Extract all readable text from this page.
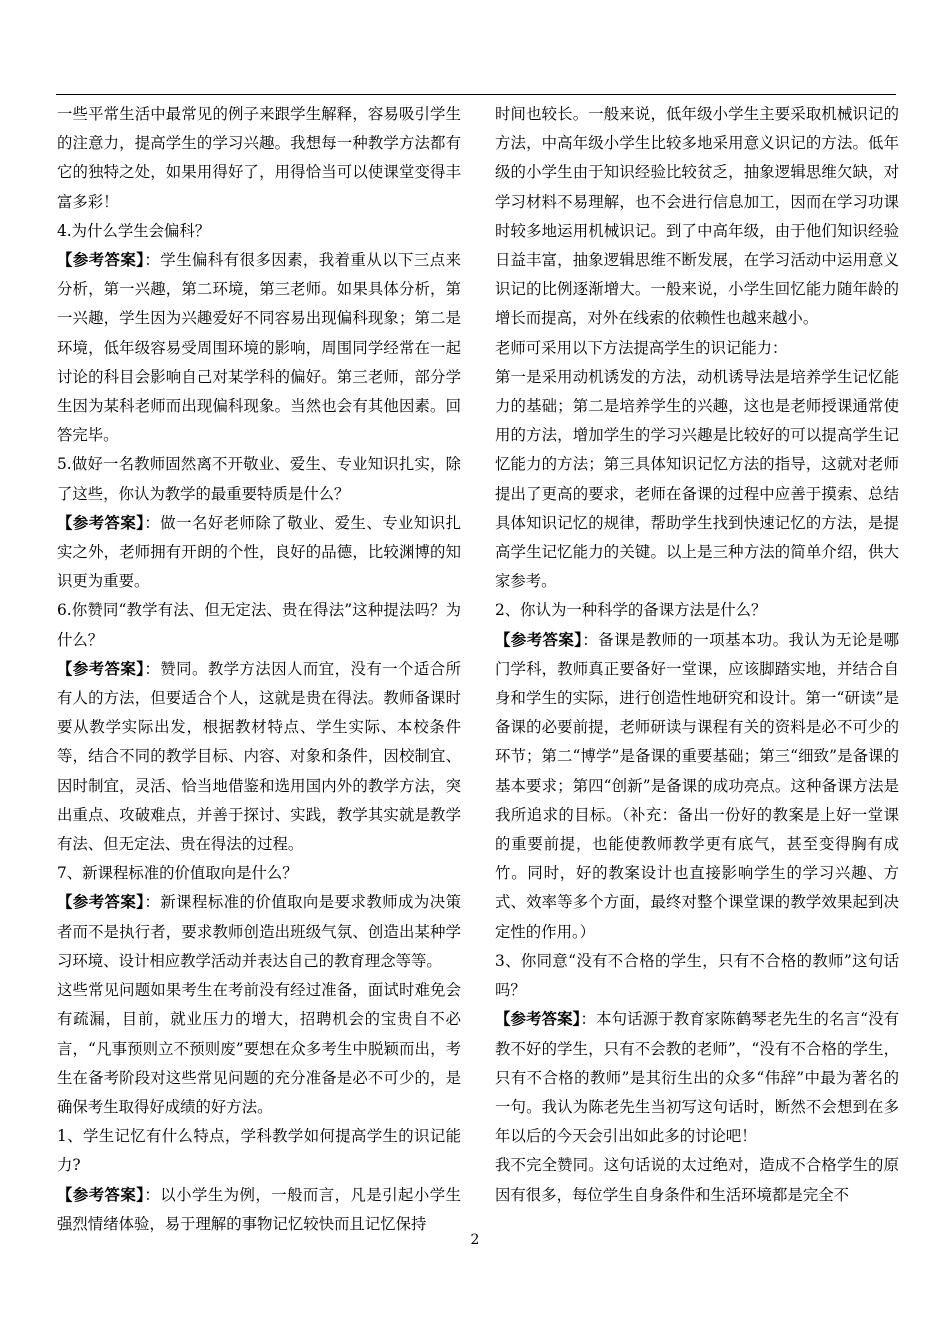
一些平常生活中最常见的例子来跟学生解释，容易吸引学生的注意力，提高学生的学习兴趣。我想每一种教学方法都有它的独特之处，如果用得好了，用得恰当可以使课堂变得丰富多彩！

4.为什么学生会偏科？

【参考答案】：学生偏科有很多因素，我着重从以下三点来分析，第一兴趣，第二环境，第三老师。如果具体分析，第一兴趣，学生因为兴趣爱好不同容易出现偏科现象；第二是环境，低年级容易受周围环境的影响，周围同学经常在一起讨论的科目会影响自己对某学科的偏好。第三老师，部分学生因为某科老师而出现偏科现象。当然也会有其他因素。回答完毕。

5.做好一名教师固然离不开敬业、爱生、专业知识扎实，除了这些，你认为教学的最重要特质是什么？

【参考答案】：做一名好老师除了敬业、爱生、专业知识扎实之外，老师拥有开朗的个性，良好的品德，比较渊博的知识更为重要。

6.你赞同“教学有法、但无定法、贵在得法”这种提法吗？为什么？

【参考答案】：赞同。教学方法因人而宜，没有一个适合所有人的方法，但要适合个人，这就是贵在得法。教师备课时要从教学实际出发，根据教材特点、学生实际、本校条件等，结合不同的教学目标、内容、对象和条件，因校制宜、因时制宜，灵活、恰当地借鉴和选用国内外的教学方法，突出重点、攻破难点，并善于探讨、实践，教学其实就是教学有法、但无定法、贵在得法的过程。

7、新课程标准的价值取向是什么？

【参考答案】：新课程标准的价值取向是要求教师成为决策者而不是执行者，要求教师创造出班级气氛、创造出某种学习环境、设计相应教学活动并表达自己的教育理念等等。

这些常见问题如果考生在考前没有经过准备，面试时难免会有疏漏，目前，就业压力的增大，招聘机会的宝贵自不必言，“凡事预则立不预则废”要想在众多考生中脱颖而出，考生在备考阶段对这些常见问题的充分准备是必不可少的，是确保考生取得好成绩的好方法。

1、学生记忆有什么特点，学科教学如何提高学生的识记能力?

【参考答案】：以小学生为例，一般而言，凡是引起小学生强烈情绪体验，易于理解的事物记忆较快而且记忆保持

时间也较长。一般来说，低年级小学生主要采取机械识记的方法，中高年级小学生比较多地采用意义识记的方法。低年级的小学生由于知识经验比较贫乏，抽象逻辑思维欠缺，对学习材料不易理解，也不会进行信息加工，因而在学习功课时较多地运用机械识记。到了中高年级，由于他们知识经验日益丰富，抽象逻辑思维不断发展，在学习活动中运用意义识记的比例逐渐增大。一般来说，小学生回忆能力随年龄的增长而提高，对外在线索的依赖性也越来越小。

老师可采用以下方法提高学生的识记能力：

第一是采用动机诱发的方法，动机诱导法是培养学生记忆能力的基础；第二是培养学生的兴趣，这也是老师授课通常使用的方法，增加学生的学习兴趣是比较好的可以提高学生记忆能力的方法；第三具体知识记忆方法的指导，这就对老师提出了更高的要求，老师在备课的过程中应善于摸索、总结具体知识记忆的规律，帮助学生找到快速记忆的方法，是提高学生记忆能力的关键。以上是三种方法的简单介绍，供大家参考。

2、你认为一种科学的备课方法是什么？

【参考答案】：备课是教师的一项基本功。我认为无论是哪门学科，教师真正要备好一堂课，应该脚踏实地，并结合自身和学生的实际，进行创造性地研究和设计。第一“研读”是备课的必要前提，老师研读与课程有关的资料是必不可少的环节；第二“博学”是备课的重要基础；第三“细致”是备课的基本要求；第四“创新”是备课的成功亮点。这种备课方法是我所追求的目标。（补充：备出一份好的教案是上好一堂课的重要前提，也能使教师教学更有底气，甚至变得胸有成竹。同时，好的教案设计也直接影响学生的学习兴趣、方式、效率等多个方面，最终对整个课堂课的教学效果起到决定性的作用。）

3、你同意“没有不合格的学生，只有不合格的教师”这句话吗？

【参考答案】：本句话源于教育家陈鹤琴老先生的名言“没有教不好的学生，只有不会教的老师”，“没有不合格的学生，只有不合格的教师”是其衍生出的众多“伟辞”中最为著名的一句。我认为陈老先生当初写这句话时，断然不会想到在多年以后的今天会引出如此多的讨论吧！

我不完全赞同。这句话说的太过绝对，造成不合格学生的原因有很多，每位学生自身条件和生活环境都是完全不

2
